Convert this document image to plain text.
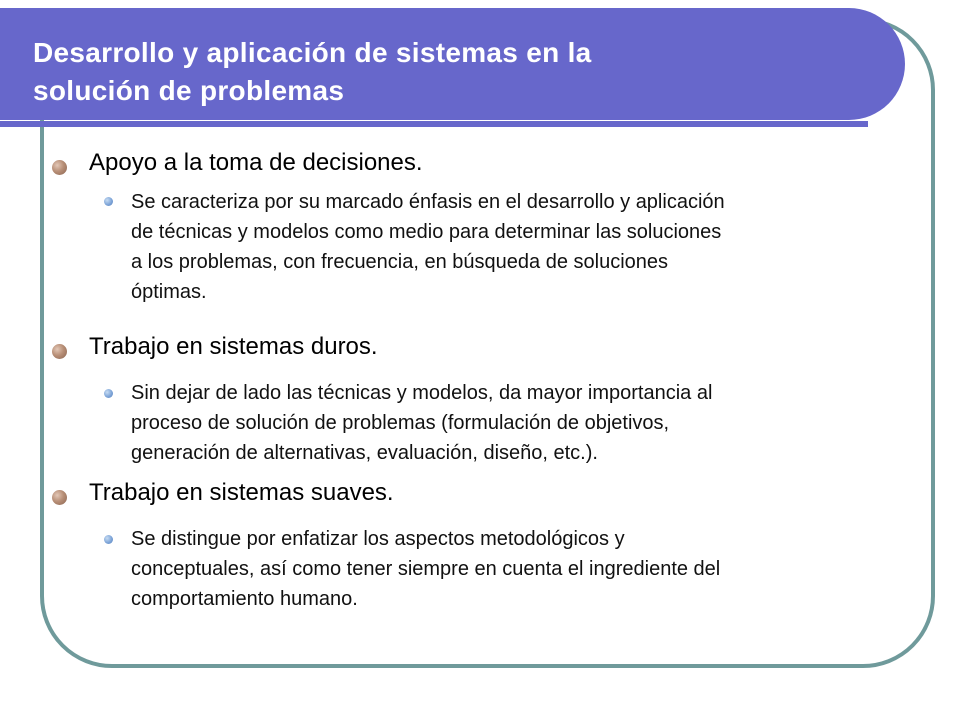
Desarrollo y aplicación de sistemas en la
solución de problemas

Apoyo a la toma de decisiones.

Se caracteriza por su marcado énfasis en el desarrollo y aplicación

de técnicas y modelos como medio para determinar las soluciones

a los problemas, con frecuencia, en búsqueda de soluciones

óptimas.

Trabajo en sistemas duros.

Sin dejar de lado las técnicas y modelos, da mayor importancia al

proceso de solución de problemas (formulación de objetivos,

generación de alternativas, evaluación, diseño, etc.).

Trabajo en sistemas suaves.

Se distingue por enfatizar los aspectos metodológicos y

conceptuales, así como tener siempre en cuenta el ingrediente del

comportamiento humano.
